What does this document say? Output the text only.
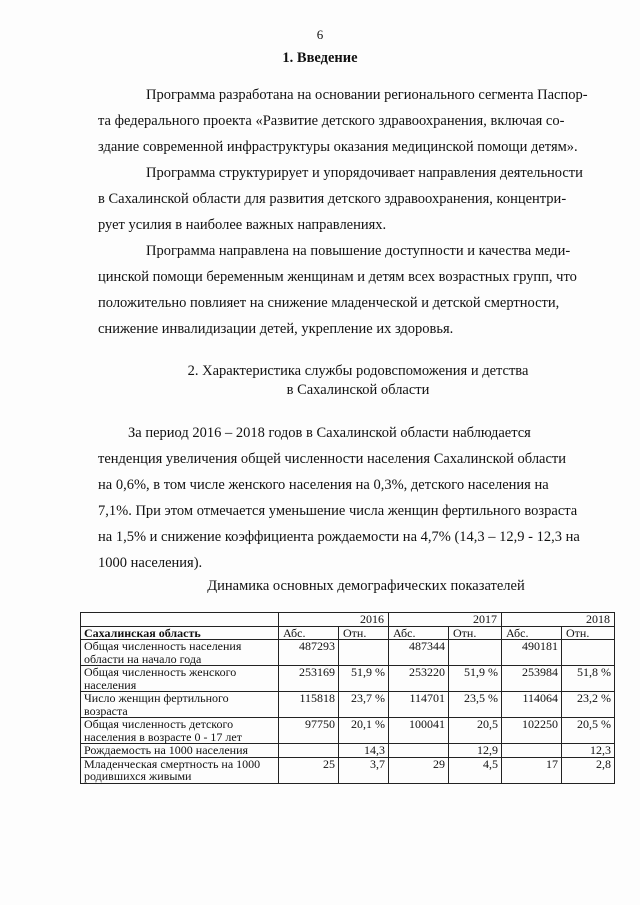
6
1. Введение
Программа разработана на основании регионального сегмента Паспор-
та федерального проекта «Развитие детского здравоохранения, включая со-
здание современной инфраструктуры оказания медицинской помощи детям».
Программа структурирует и упорядочивает направления деятельности
в Сахалинской области для развития детского здравоохранения, концентри-
рует усилия в наиболее важных направлениях.
Программа направлена на повышение доступности и качества меди-
цинской помощи беременным женщинам и детям всех возрастных групп, что
положительно повлияет на снижение младенческой и детской смертности,
снижение инвалидизации детей, укрепление их здоровья.
2. Характеристика службы родовспоможения и детства
в Сахалинской области
За период 2016 – 2018 годов в Сахалинской области наблюдается
тенденция увеличения общей численности населения Сахалинской области
на 0,6%, в том числе женского населения на 0,3%, детского населения на
7,1%. При этом отмечается уменьшение числа женщин фертильного возраста
на 1,5% и снижение коэффициента рождаемости на 4,7% (14,3 – 12,9 - 12,3 на
1000 населения).
Динамика основных демографических показателей
	2016		2017		2018	
Сахалинская область	Абс.	Отн.	Абс.	Отн.	Абс.	Отн.
Общая численность населения области на начало года	487293		487344		490181	
Общая численность женского населения	253169	51,9 %	253220	51,9 %	253984	51,8 %
Число женщин фертильного возраста	115818	23,7 %	114701	23,5 %	114064	23,2 %
Общая численность детского населения в возрасте 0 - 17 лет	97750	20,1 %	100041	20,5	102250	20,5 %
Рождаемость на 1000 населения		14,3		12,9		12,3
Младенческая смертность на 1000 родившихся живыми	25	3,7	29	4,5	17	2,8
